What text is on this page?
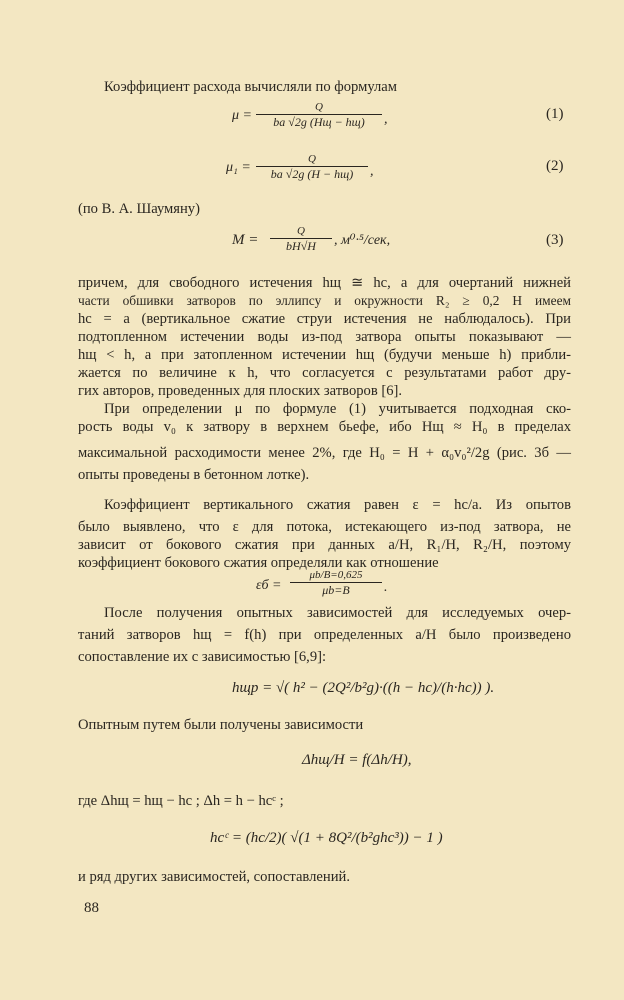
Коэффициент расхода вычисляли по формулам
μ =
Q
ba √2g (Hщ − hщ)	,	(1)
μ₁ =
Q
ba √2g (H − hщ)	,	(2)
(по В. А. Шаумяну)
M =
Q
bH√H	, м⁰·⁵/сек,	(3)
причем, для свободного истечения hщ ≅ hс, а для очертаний нижней
части обшивки затворов по эллипсу и окружности R₂ ≥ 0,2 H имеем
hс = a (вертикальное сжатие струи истечения не наблюдалось). При
подтопленном истечении воды из-под затвора опыты показывают —
hщ < h, а при затопленном истечении hщ (будучи меньше h) прибли-
жается по величине к h, что согласуется с результатами работ дру-
гих авторов, проведенных для плоских затворов [6].
При определении μ по формуле (1) учитывается подходная ско-
рость воды v₀ к затвору в верхнем бьефе, ибо Hщ ≈ H₀ в пределах
максимальной расходимости менее 2%, где H₀ = H + α₀v₀²/2g (рис. 3б —
опыты проведены в бетонном лотке).
Коэффициент вертикального сжатия равен ε = hс/a. Из опытов
было выявлено, что ε для потока, истекающего из-под затвора, не
зависит от бокового сжатия при данных a/H, R₁/H, R₂/H, поэтому
коэффициент бокового сжатия определяли как отношение
εб =
μb/B=0,625
μb=B	.
После получения опытных зависимостей для исследуемых очер-
таний затворов hщ = f(h) при определенных a/H было произведено
сопоставление их с зависимостью [6,9]:
hщр = √( h² − (2Q²/b²g)·((h − hс)/(h·hс)) ).
Опытным путем были получены зависимости
Δhщ/H = f(Δh/H),
где Δhщ = hщ − hс ; Δh = h − hсᶜ ;
hсᶜ = (hс/2)( √(1 + 8Q²/(b²ghс³)) − 1 )
и ряд других зависимостей, сопоставлений.
88
